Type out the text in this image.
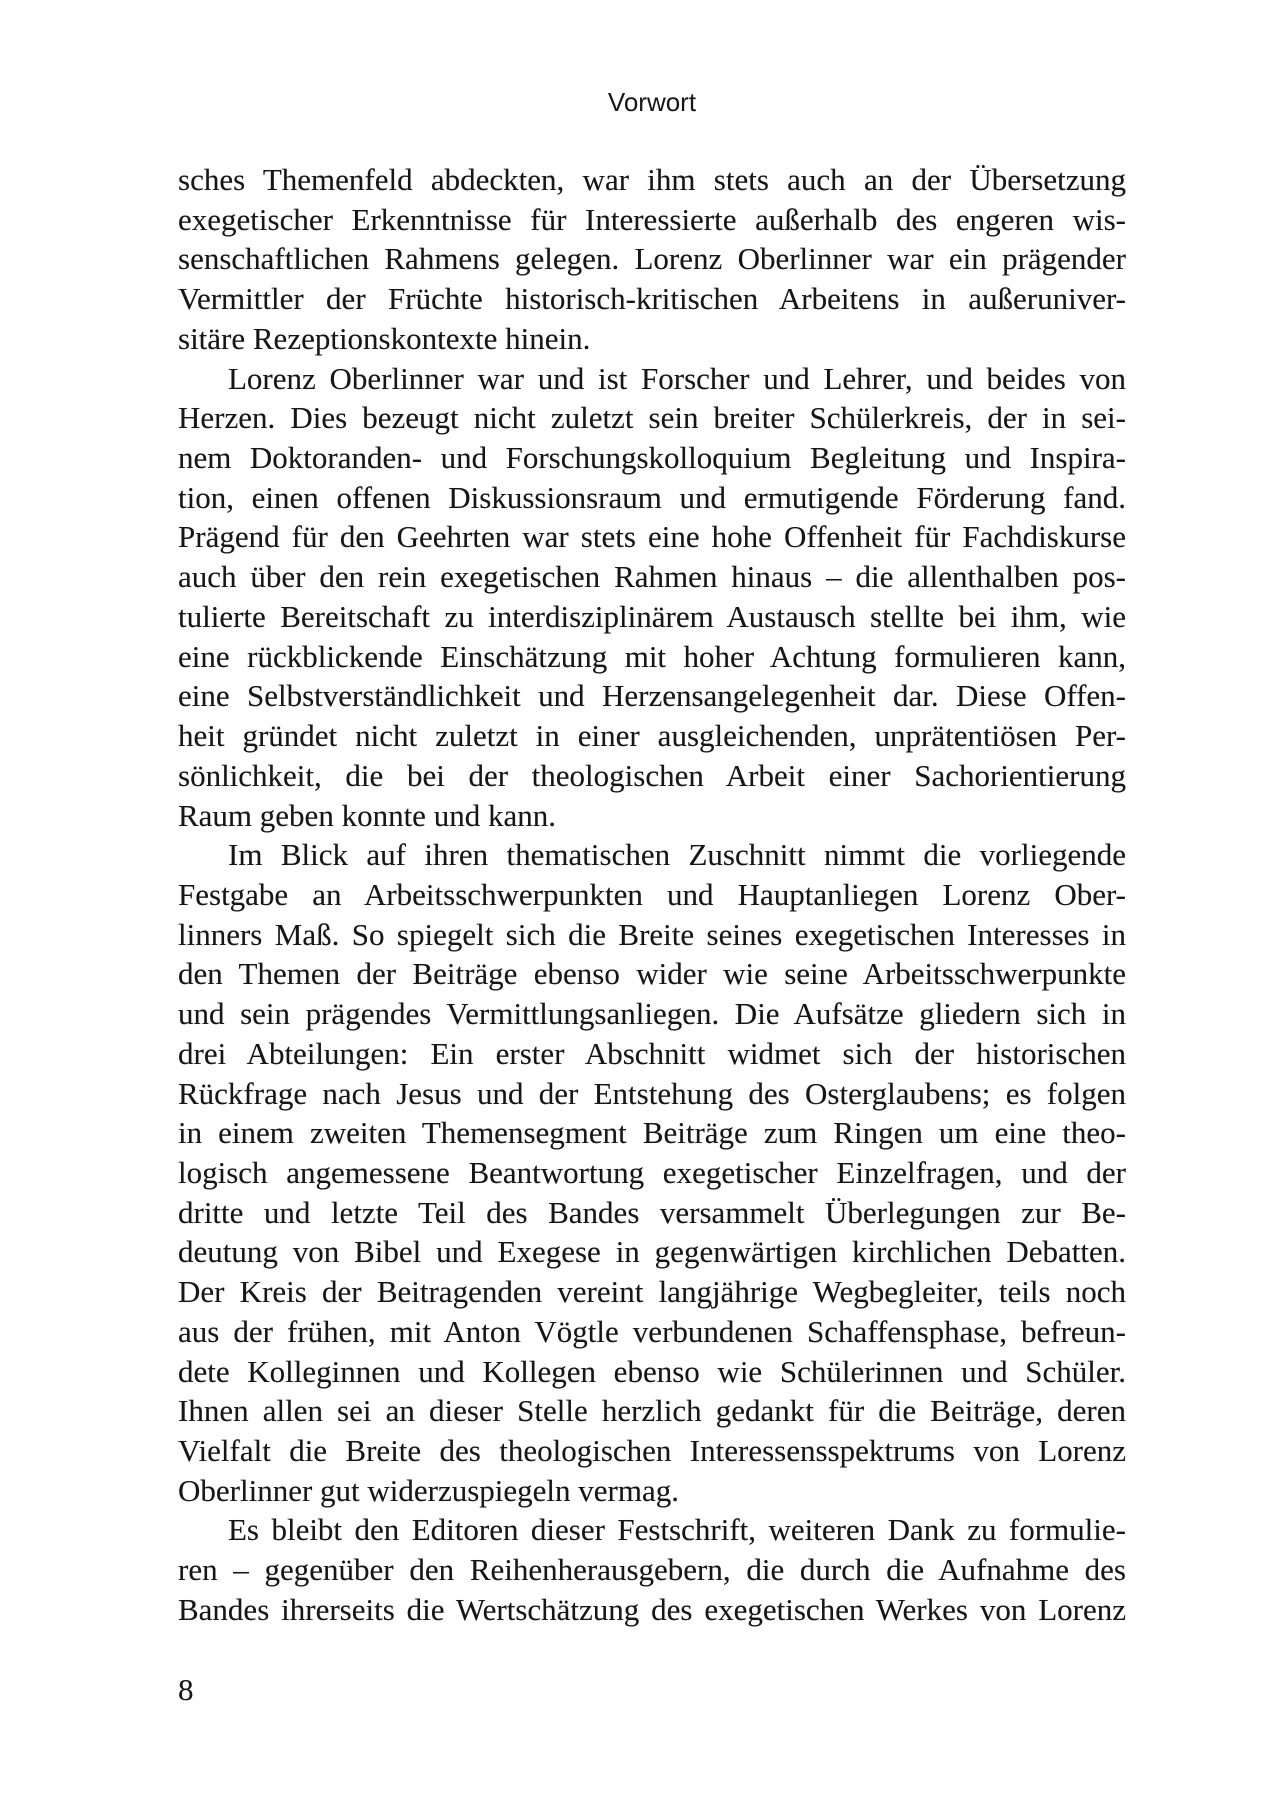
Vorwort
sches Themenfeld abdeckten, war ihm stets auch an der Übersetzung
exegetischer Erkenntnisse für Interessierte außerhalb des engeren wis-
senschaftlichen Rahmens gelegen. Lorenz Oberlinner war ein prägender
Vermittler der Früchte historisch-kritischen Arbeitens in außeruniver-
sitäre Rezeptionskontexte hinein.
Lorenz Oberlinner war und ist Forscher und Lehrer, und beides von
Herzen. Dies bezeugt nicht zuletzt sein breiter Schülerkreis, der in sei-
nem Doktoranden- und Forschungskolloquium Begleitung und Inspira-
tion, einen offenen Diskussionsraum und ermutigende Förderung fand.
Prägend für den Geehrten war stets eine hohe Offenheit für Fachdiskurse
auch über den rein exegetischen Rahmen hinaus – die allenthalben pos-
tulierte Bereitschaft zu interdisziplinärem Austausch stellte bei ihm, wie
eine rückblickende Einschätzung mit hoher Achtung formulieren kann,
eine Selbstverständlichkeit und Herzensangelegenheit dar. Diese Offen-
heit gründet nicht zuletzt in einer ausgleichenden, unprätentiösen Per-
sönlichkeit, die bei der theologischen Arbeit einer Sachorientierung
Raum geben konnte und kann.
Im Blick auf ihren thematischen Zuschnitt nimmt die vorliegende
Festgabe an Arbeitsschwerpunkten und Hauptanliegen Lorenz Ober-
linners Maß. So spiegelt sich die Breite seines exegetischen Interesses in
den Themen der Beiträge ebenso wider wie seine Arbeitsschwerpunkte
und sein prägendes Vermittlungsanliegen. Die Aufsätze gliedern sich in
drei Abteilungen: Ein erster Abschnitt widmet sich der historischen
Rückfrage nach Jesus und der Entstehung des Osterglaubens; es folgen
in einem zweiten Themensegment Beiträge zum Ringen um eine theo-
logisch angemessene Beantwortung exegetischer Einzelfragen, und der
dritte und letzte Teil des Bandes versammelt Überlegungen zur Be-
deutung von Bibel und Exegese in gegenwärtigen kirchlichen Debatten.
Der Kreis der Beitragenden vereint langjährige Wegbegleiter, teils noch
aus der frühen, mit Anton Vögtle verbundenen Schaffensphase, befreun-
dete Kolleginnen und Kollegen ebenso wie Schülerinnen und Schüler.
Ihnen allen sei an dieser Stelle herzlich gedankt für die Beiträge, deren
Vielfalt die Breite des theologischen Interessensspektrums von Lorenz
Oberlinner gut widerzuspiegeln vermag.
Es bleibt den Editoren dieser Festschrift, weiteren Dank zu formulie-
ren – gegenüber den Reihenherausgebern, die durch die Aufnahme des
Bandes ihrerseits die Wertschätzung des exegetischen Werkes von Lorenz
8
